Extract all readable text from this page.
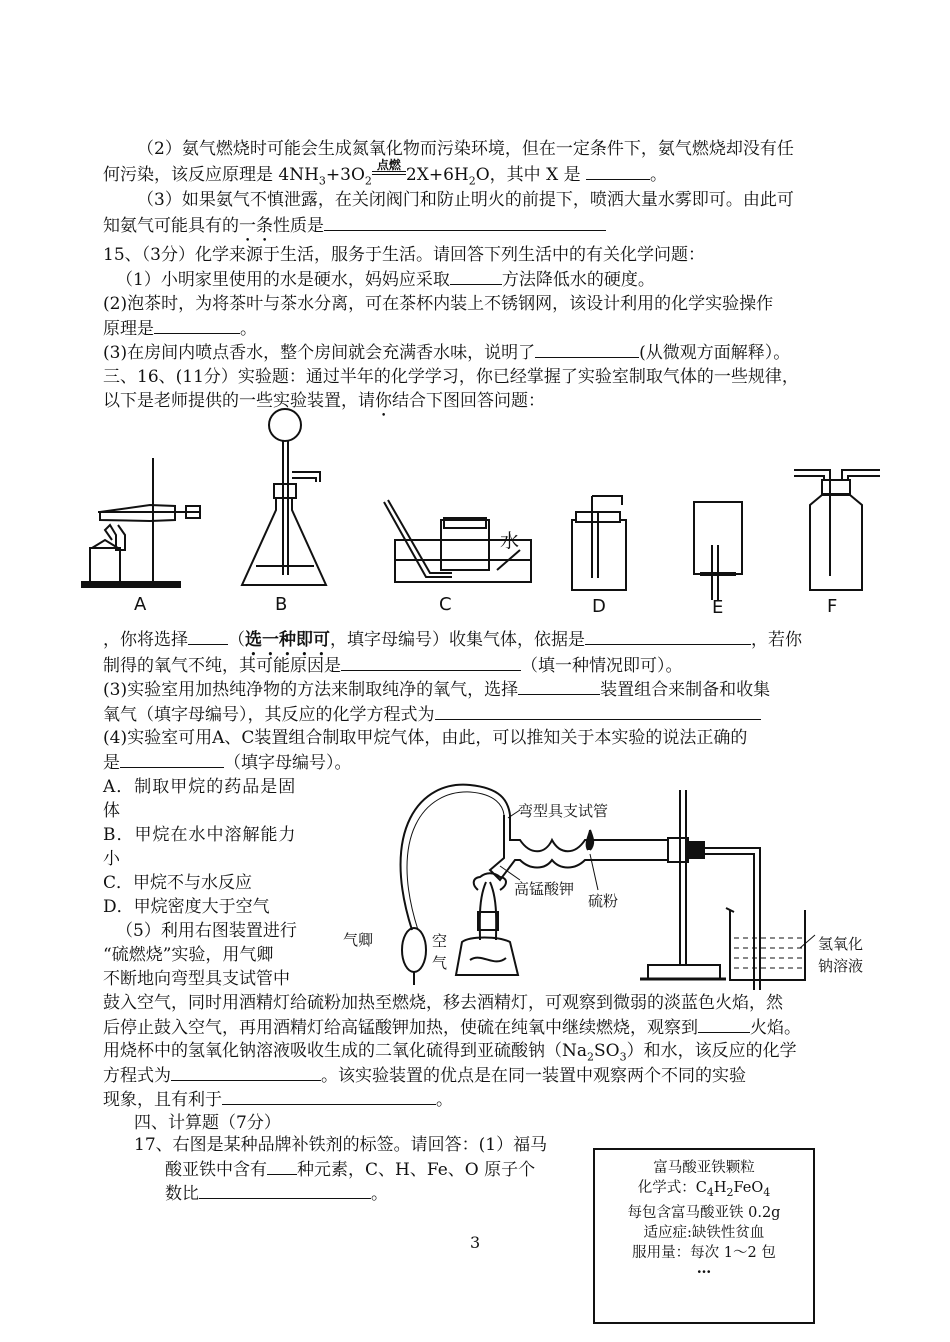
（2）氨气燃烧时可能会生成氮氧化物而污染环境，但在一定条件下，氨气燃烧却没有任
何污染，该反应原理是 $4NH_3+3O_2$
点燃 $2X+6H_2O$，其中 X 是	。
（3）如果氨气不慎泄露，在关闭阀门和防止明火的前提下，喷洒大量水雾即可。由此可
知氨气可能具有的一条性质是
15、（3分）化学来源于生活，服务于生活。请回答下列生活中的有关化学问题：
（1）小明家里使用的水是硬水，妈妈应采取	方法降低水的硬度。
(2)泡茶时，为将茶叶与茶水分离，可在茶杯内装上不锈钢网，该设计利用的化学实验操作
原理是	。
(3)在房间内喷点香水，整个房间就会充满香水味，说明了	(从微观方面解释）。
三、16、(11分）实验题：通过半年的化学学习，你已经掌握了实验室制取气体的一些规律，
以下是老师提供的一些实验装置，请你结合下图回答问题：
A	B	C	D	E	F
水
，你将选择 （选一种即可，填字母编号）收集气体，依据是	，若你
制得的氧气不纯，其可能原因是	（填一种情况即可）。
(3)实验室用加热纯净物的方法来制取纯净的氧气，选择	装置组合来制备和收集
氧气（填字母编号），其反应的化学方程式为
(4)实验室可用A、C装置组合制取甲烷气体，由此，可以推知关于本实验的说法正确的
是	（填字母编号）。
A．制取甲烷的药品是固
体
B．甲烷在水中溶解能力
小
C．甲烷不与水反应
D．甲烷密度大于空气
（5）利用右图装置进行
“硫燃烧”实验，用气卿
不断地向弯型具支试管中
弯型具支试管
高锰酸钾
硫粉
气卿	空
气
氢氧化
钠溶液
鼓入空气，同时用酒精灯给硫粉加热至燃烧，移去酒精灯，可观察到微弱的淡蓝色火焰，然
后停止鼓入空气，再用酒精灯给高锰酸钾加热，使硫在纯氧中继续燃烧，观察到	火焰。
用烧杯中的氢氧化钠溶液吸收生成的二氧化硫得到亚硫酸钠$(Na_2SO_3)$和水，该反应的化学
方程式为	。该实验装置的优点是在同一装置中观察两个不同的实验
现象，且有利于	。
四、计算题（7分）
17、右图是某种品牌补铁剂的标签。请回答：(1）福马
酸亚铁中含有 种元素，C、H、Fe、O 原子个
数比	。
富马酸亚铁颗粒
化学式：$C_4H_2FeO_4$
每包含富马酸亚铁 0.2g
适应症:缺铁性贫血
服用量：每次 1～2 包
…
3
